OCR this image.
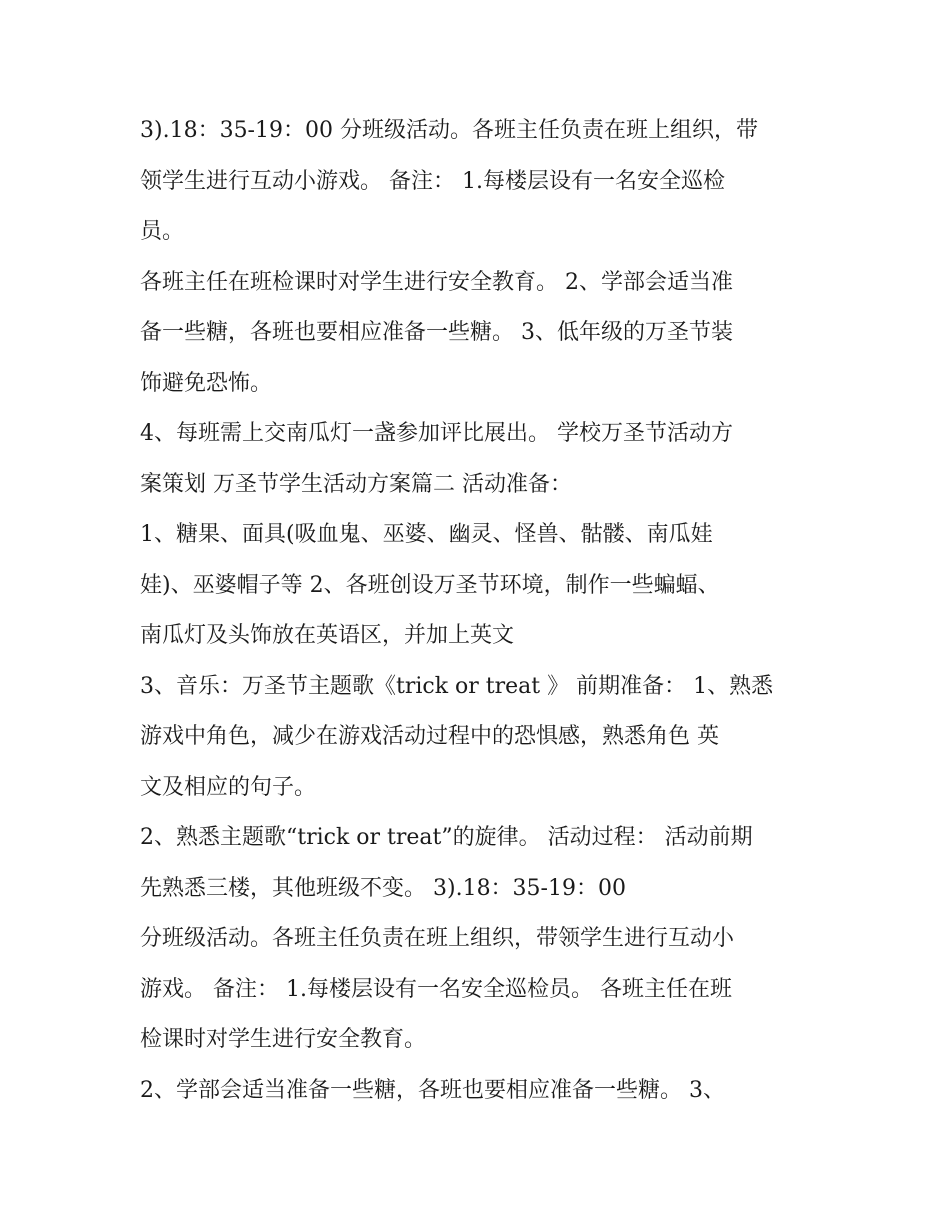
3).18：35-19：00 分班级活动。各班主任负责在班上组织，带
领学生进行互动小游戏。 备注： 1.每楼层设有一名安全巡检
员。
各班主任在班检课时对学生进行安全教育。 2、学部会适当准
备一些糖，各班也要相应准备一些糖。 3、低年级的万圣节装
饰避免恐怖。
4、每班需上交南瓜灯一盏参加评比展出。 学校万圣节活动方
案策划 万圣节学生活动方案篇二 活动准备：
1、糖果、面具(吸血鬼、巫婆、幽灵、怪兽、骷髅、南瓜娃
娃)、巫婆帽子等 2、各班创设万圣节环境，制作一些蝙蝠、
南瓜灯及头饰放在英语区，并加上英文
3、音乐：万圣节主题歌《trick or treat 》 前期准备： 1、熟悉
游戏中角色，减少在游戏活动过程中的恐惧感，熟悉角色 英
文及相应的句子。
2、熟悉主题歌“trick or treat”的旋律。 活动过程： 活动前期
先熟悉三楼，其他班级不变。 3).18：35-19：00
分班级活动。各班主任负责在班上组织，带领学生进行互动小
游戏。 备注： 1.每楼层设有一名安全巡检员。 各班主任在班
检课时对学生进行安全教育。
2、学部会适当准备一些糖，各班也要相应准备一些糖。 3、
